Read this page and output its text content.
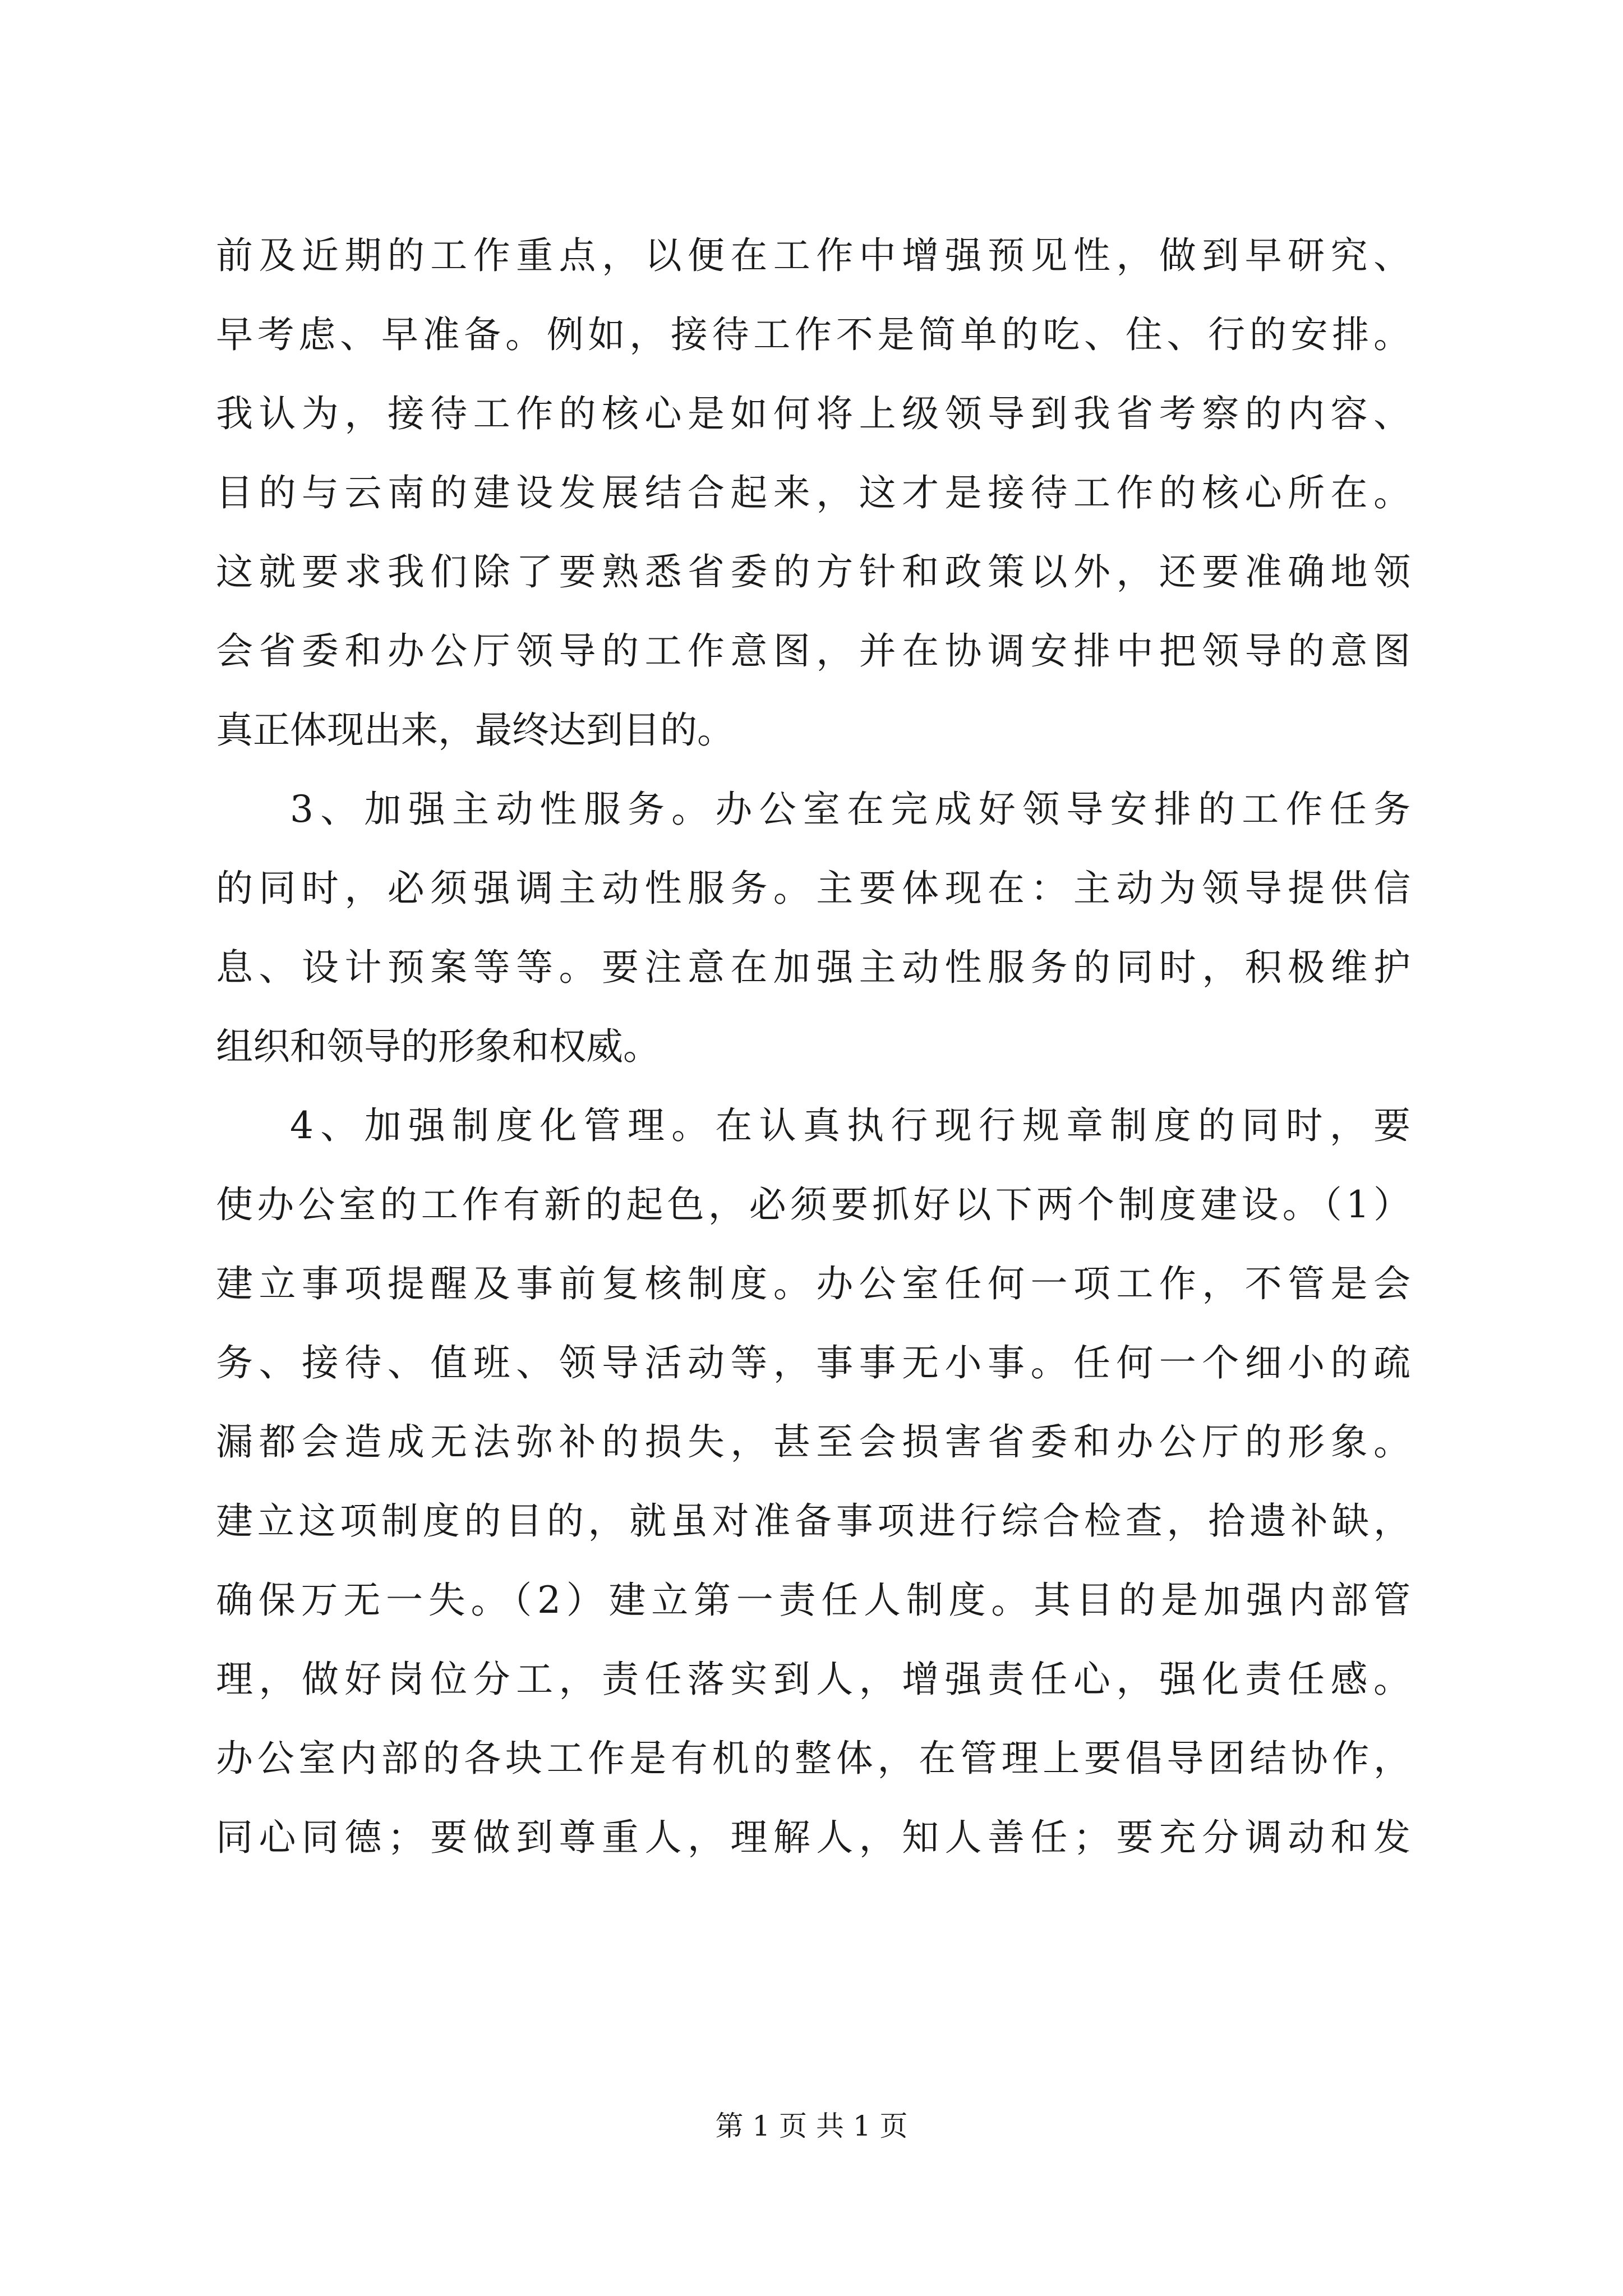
前及近期的工作重点，以便在工作中增强预见性，做到早研究、
早考虑、早准备。例如，接待工作不是简单的吃、住、行的安排。
我认为，接待工作的核心是如何将上级领导到我省考察的内容、
目的与云南的建设发展结合起来，这才是接待工作的核心所在。
这就要求我们除了要熟悉省委的方针和政策以外，还要准确地领
会省委和办公厅领导的工作意图，并在协调安排中把领导的意图
真正体现出来，最终达到目的。
3、加强主动性服务。办公室在完成好领导安排的工作任务
的同时，必须强调主动性服务。主要体现在：主动为领导提供信
息、设计预案等等。要注意在加强主动性服务的同时，积极维护
组织和领导的形象和权威。
4、加强制度化管理。在认真执行现行规章制度的同时，要
使办公室的工作有新的起色，必须要抓好以下两个制度建设。（1）
建立事项提醒及事前复核制度。办公室任何一项工作，不管是会
务、接待、值班、领导活动等，事事无小事。任何一个细小的疏
漏都会造成无法弥补的损失，甚至会损害省委和办公厅的形象。
建立这项制度的目的，就虽对准备事项进行综合检查，拾遗补缺，
确保万无一失。（2）建立第一责任人制度。其目的是加强内部管
理，做好岗位分工，责任落实到人，增强责任心，强化责任感。
办公室内部的各块工作是有机的整体，在管理上要倡导团结协作，
同心同德；要做到尊重人，理解人，知人善任；要充分调动和发
第 1 页 共 1 页
